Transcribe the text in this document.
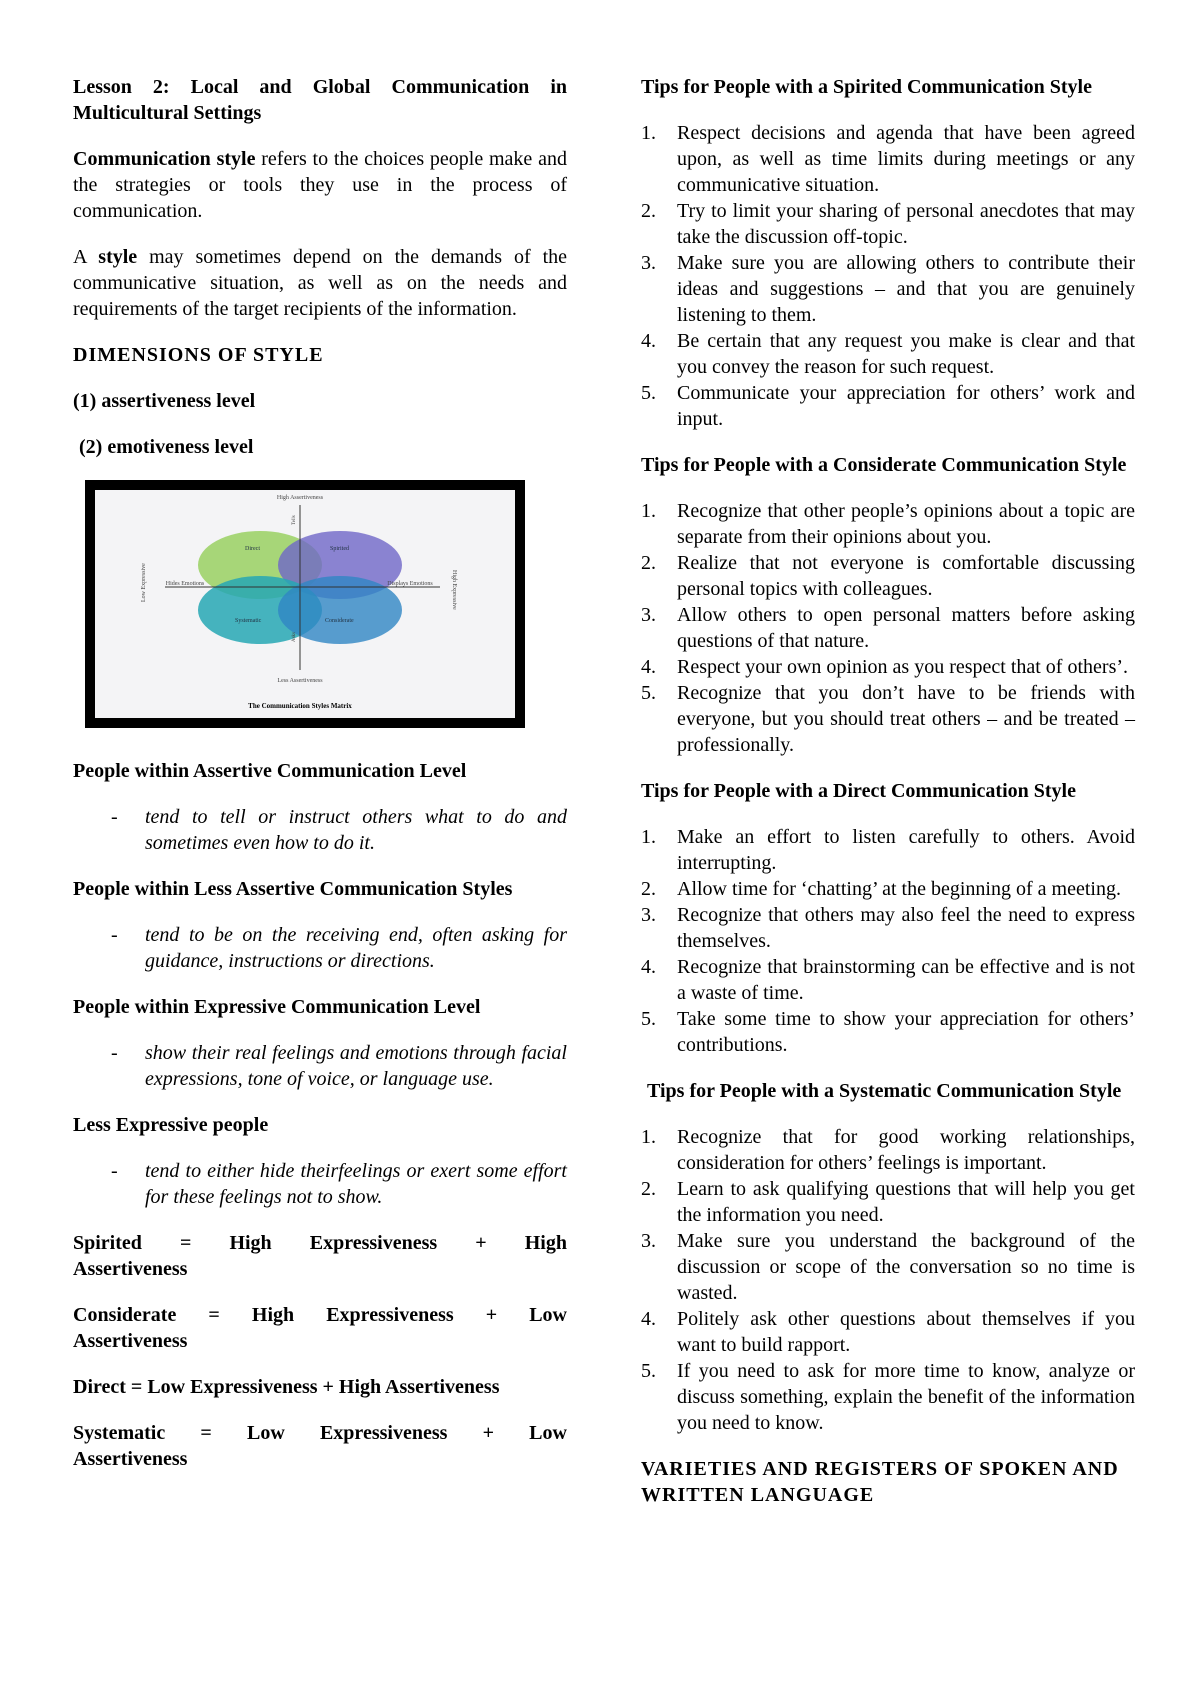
Lesson 2: Local and Global Communication in Multicultural Settings

Communication style refers to the choices people make and the strategies or tools they use in the process of communication.

A style may sometimes depend on the demands of the communicative situation, as well as on the needs and requirements of the target recipients of the information.

DIMENSIONS OF STYLE

(1) assertiveness level

(2) emotiveness level

High Assertiveness
Less Assertiveness
Hides Emotions	Displays Emotions
Low Expressive	High Expressive
Tells
Asks
Direct	Spirited
Systematic	Considerate
The Communication Styles Matrix

People within Assertive Communication Level

-	tend to tell or instruct others what to do and sometimes even how to do it.

People within Less Assertive Communication Styles

-	tend to be on the receiving end, often asking for guidance, instructions or directions.

People within Expressive Communication Level

-	show their real feelings and emotions through facial expressions, tone of voice, or language use.

Less Expressive people

-	tend to either hide theirfeelings or exert some effort for these feelings not to show.
Spirited = High Expressiveness + High
Assertiveness
Considerate = High Expressiveness + Low
Assertiveness
Direct = Low Expressiveness + High Assertiveness
Systematic = Low Expressiveness + Low
Assertiveness

Tips for People with a Spirited Communication Style

1.	Respect decisions and agenda that have been agreed upon, as well as time limits during meetings or any communicative situation.
2.	Try to limit your sharing of personal anecdotes that may take the discussion off-topic.
3.	Make sure you are allowing others to contribute their ideas and suggestions – and that you are genuinely listening to them.
4.	Be certain that any request you make is clear and that you convey the reason for such request.
5.	Communicate your appreciation for others’ work and input.

Tips for People with a Considerate Communication Style

1.	Recognize that other people’s opinions about a topic are separate from their opinions about you.
2.	Realize that not everyone is comfortable discussing personal topics with colleagues.
3.	Allow others to open personal matters before asking questions of that nature.
4.	Respect your own opinion as you respect that of others’.
5.	Recognize that you don’t have to be friends with everyone, but you should treat others – and be treated – professionally.

Tips for People with a Direct Communication Style

1.	Make an effort to listen carefully to others. Avoid interrupting.
2.	Allow time for ‘chatting’ at the beginning of a meeting.
3.	Recognize that others may also feel the need to express themselves.
4.	Recognize that brainstorming can be effective and is not a waste of time.
5.	Take some time to show your appreciation for others’ contributions.

Tips for People with a Systematic Communication Style

1.	Recognize that for good working relationships, consideration for others’ feelings is important.
2.	Learn to ask qualifying questions that will help you get the information you need.
3.	Make sure you understand the background of the discussion or scope of the conversation so no time is wasted.
4.	Politely ask other questions about themselves if you want to build rapport.
5.	If you need to ask for more time to know, analyze or discuss something, explain the benefit of the information you need to know.

VARIETIES AND REGISTERS OF SPOKEN AND WRITTEN LANGUAGE
